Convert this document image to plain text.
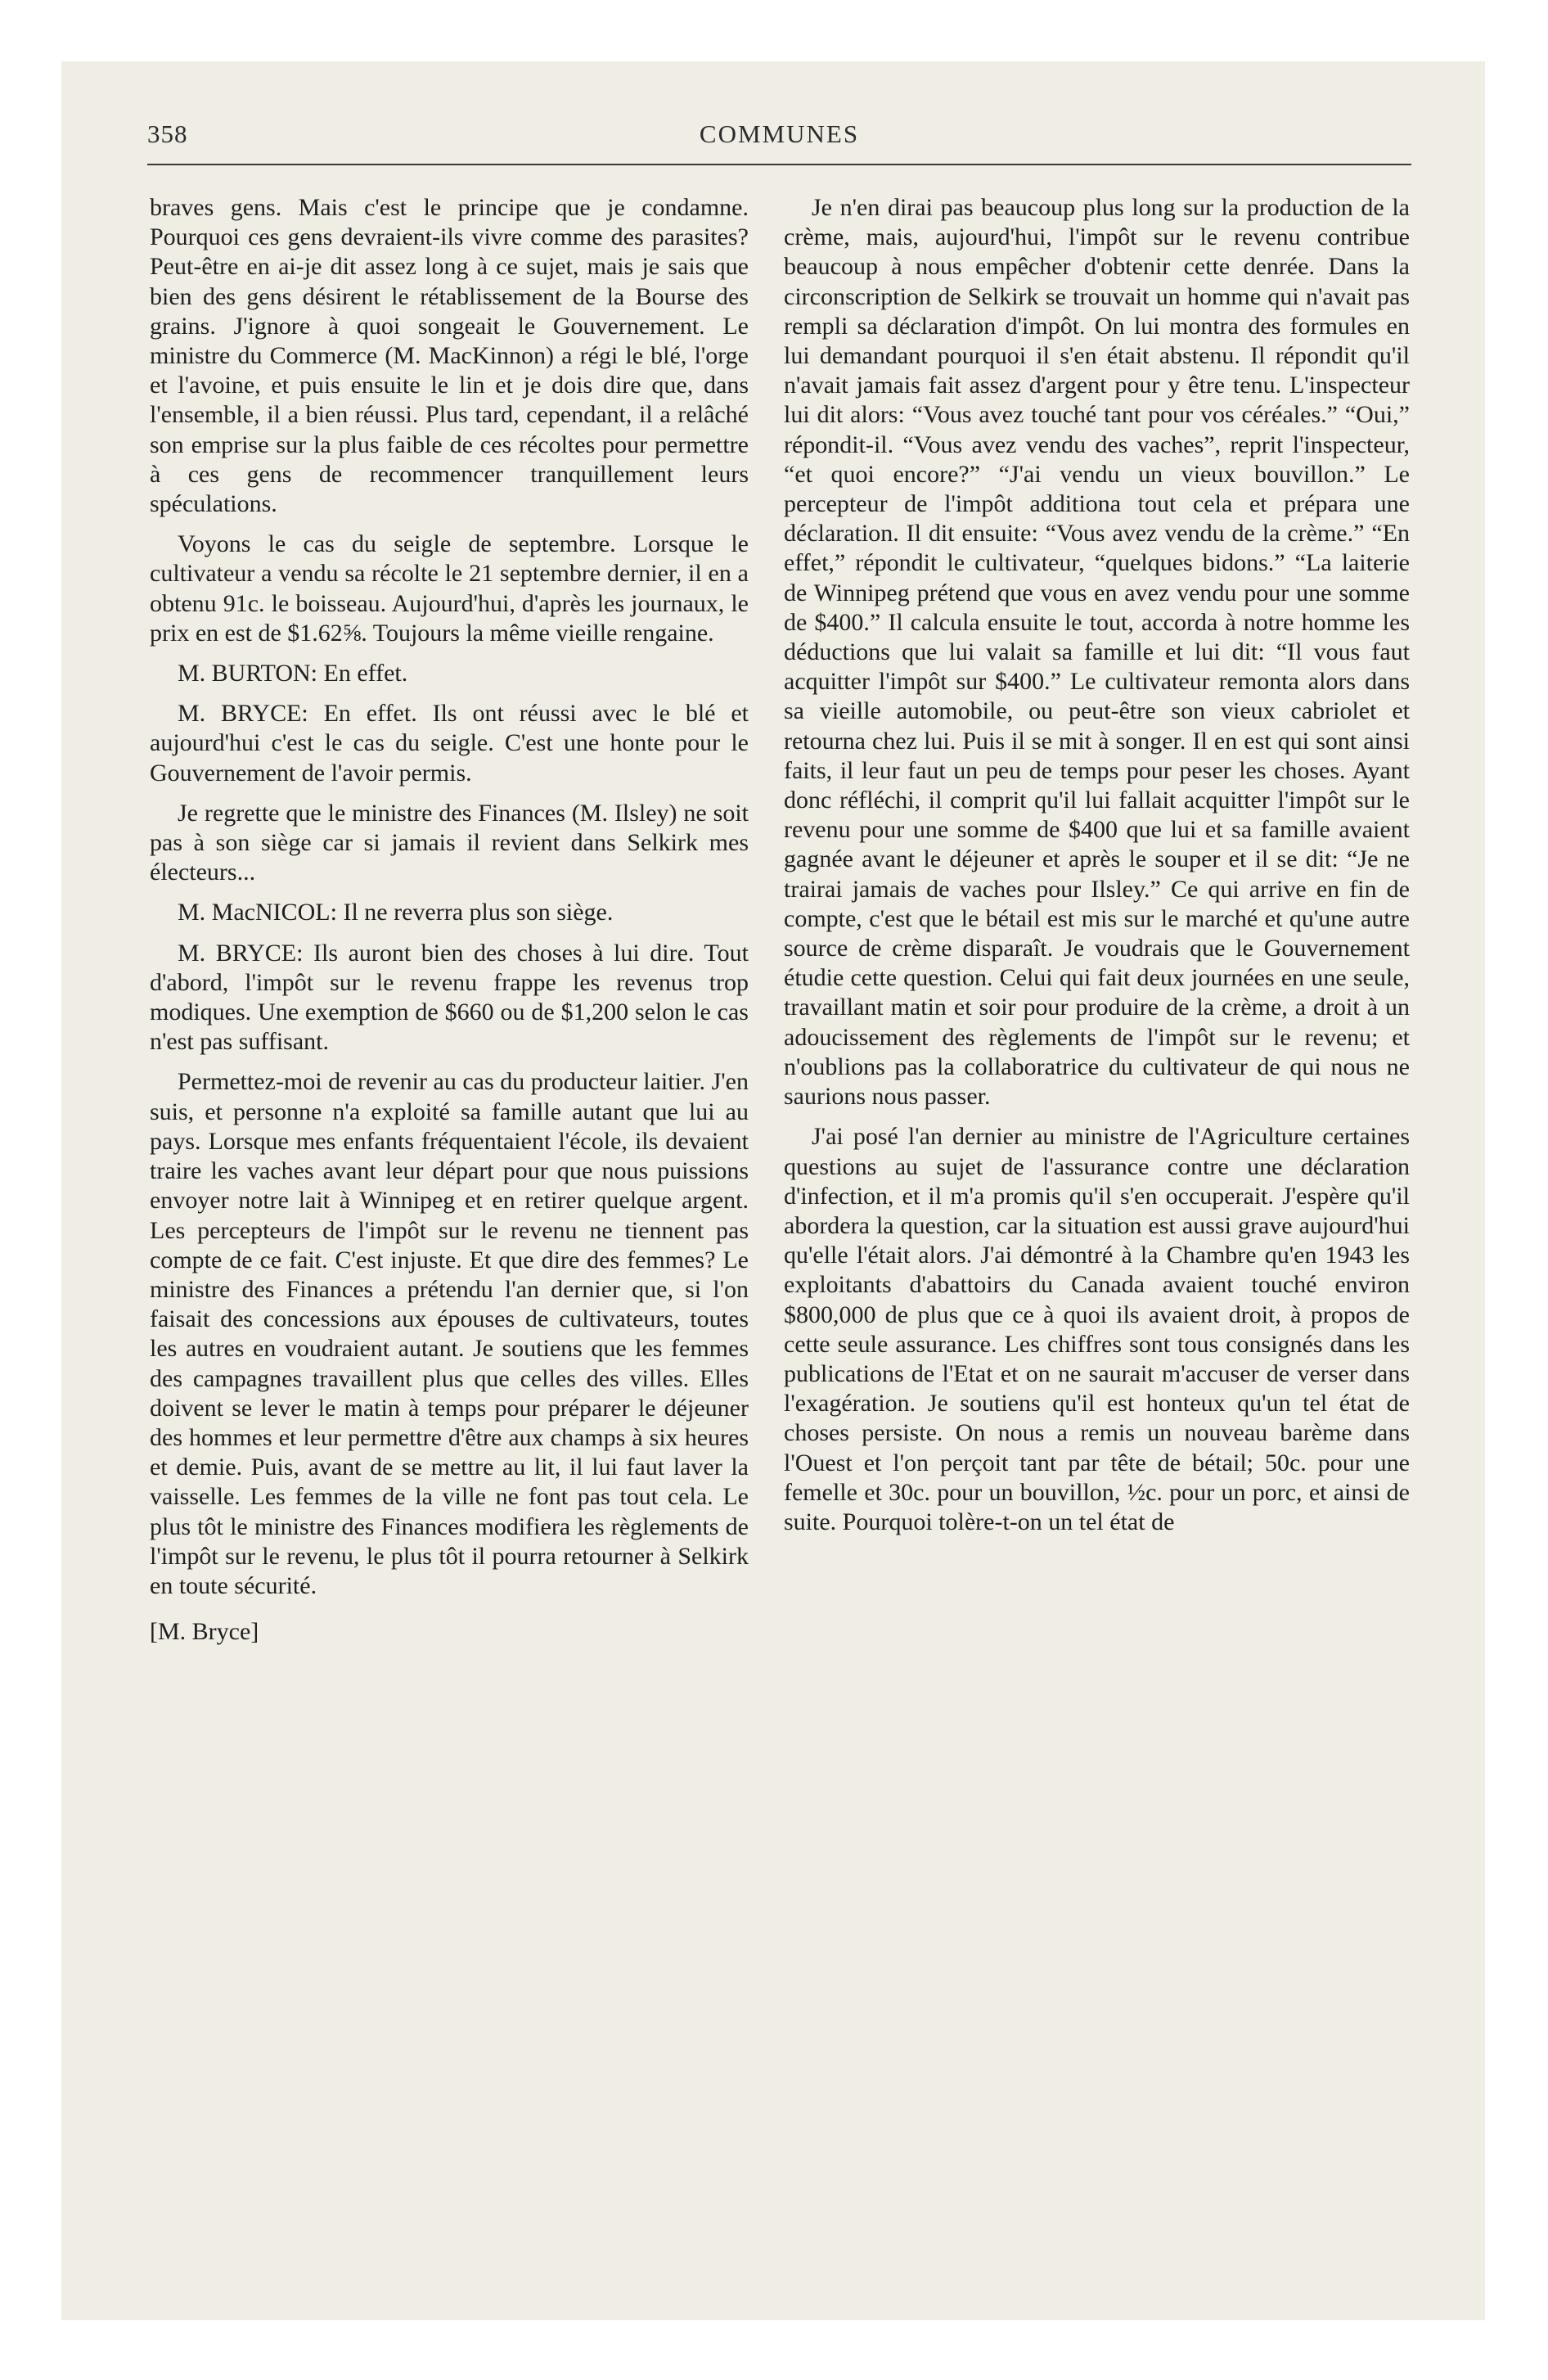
358	COMMUNES

braves gens. Mais c'est le principe que je condamne. Pourquoi ces gens devraient-ils vivre comme des parasites? Peut-être en ai-je dit assez long à ce sujet, mais je sais que bien des gens désirent le rétablissement de la Bourse des grains. J'ignore à quoi songeait le Gouvernement. Le ministre du Commerce (M. MacKinnon) a régi le blé, l'orge et l'avoine, et puis ensuite le lin et je dois dire que, dans l'ensemble, il a bien réussi. Plus tard, cependant, il a relâché son emprise sur la plus faible de ces récoltes pour permettre à ces gens de recommencer tranquillement leurs spéculations.

Voyons le cas du seigle de septembre. Lorsque le cultivateur a vendu sa récolte le 21 septembre dernier, il en a obtenu 91c. le boisseau. Aujourd'hui, d'après les journaux, le prix en est de $1.62⅝. Toujours la même vieille rengaine.

M. BURTON: En effet.

M. BRYCE: En effet. Ils ont réussi avec le blé et aujourd'hui c'est le cas du seigle. C'est une honte pour le Gouvernement de l'avoir permis.

Je regrette que le ministre des Finances (M. Ilsley) ne soit pas à son siège car si jamais il revient dans Selkirk mes électeurs...

M. MacNICOL: Il ne reverra plus son siège.

M. BRYCE: Ils auront bien des choses à lui dire. Tout d'abord, l'impôt sur le revenu frappe les revenus trop modiques. Une exemption de $660 ou de $1,200 selon le cas n'est pas suffisant.

Permettez-moi de revenir au cas du producteur laitier. J'en suis, et personne n'a exploité sa famille autant que lui au pays. Lorsque mes enfants fréquentaient l'école, ils devaient traire les vaches avant leur départ pour que nous puissions envoyer notre lait à Winnipeg et en retirer quelque argent. Les percepteurs de l'impôt sur le revenu ne tiennent pas compte de ce fait. C'est injuste. Et que dire des femmes? Le ministre des Finances a prétendu l'an dernier que, si l'on faisait des concessions aux épouses de cultivateurs, toutes les autres en voudraient autant. Je soutiens que les femmes des campagnes travaillent plus que celles des villes. Elles doivent se lever le matin à temps pour préparer le déjeuner des hommes et leur permettre d'être aux champs à six heures et demie. Puis, avant de se mettre au lit, il lui faut laver la vaisselle. Les femmes de la ville ne font pas tout cela. Le plus tôt le ministre des Finances modifiera les règlements de l'impôt sur le revenu, le plus tôt il pourra retourner à Selkirk en toute sécurité.

[M. Bryce]

Je n'en dirai pas beaucoup plus long sur la production de la crème, mais, aujourd'hui, l'impôt sur le revenu contribue beaucoup à nous empêcher d'obtenir cette denrée. Dans la circonscription de Selkirk se trouvait un homme qui n'avait pas rempli sa déclaration d'impôt. On lui montra des formules en lui demandant pourquoi il s'en était abstenu. Il répondit qu'il n'avait jamais fait assez d'argent pour y être tenu. L'inspecteur lui dit alors: “Vous avez touché tant pour vos céréales.” “Oui,” répondit-il. “Vous avez vendu des vaches”, reprit l'inspecteur, “et quoi encore?” “J'ai vendu un vieux bouvillon.” Le percepteur de l'impôt additiona tout cela et prépara une déclaration. Il dit ensuite: “Vous avez vendu de la crème.” “En effet,” répondit le cultivateur, “quelques bidons.” “La laiterie de Winnipeg prétend que vous en avez vendu pour une somme de $400.” Il calcula ensuite le tout, accorda à notre homme les déductions que lui valait sa famille et lui dit: “Il vous faut acquitter l'impôt sur $400.” Le cultivateur remonta alors dans sa vieille automobile, ou peut-être son vieux cabriolet et retourna chez lui. Puis il se mit à songer. Il en est qui sont ainsi faits, il leur faut un peu de temps pour peser les choses. Ayant donc réfléchi, il comprit qu'il lui fallait acquitter l'impôt sur le revenu pour une somme de $400 que lui et sa famille avaient gagnée avant le déjeuner et après le souper et il se dit: “Je ne trairai jamais de vaches pour Ilsley.” Ce qui arrive en fin de compte, c'est que le bétail est mis sur le marché et qu'une autre source de crème disparaît. Je voudrais que le Gouvernement étudie cette question. Celui qui fait deux journées en une seule, travaillant matin et soir pour produire de la crème, a droit à un adoucissement des règlements de l'impôt sur le revenu; et n'oublions pas la collaboratrice du cultivateur de qui nous ne saurions nous passer.

J'ai posé l'an dernier au ministre de l'Agriculture certaines questions au sujet de l'assurance contre une déclaration d'infection, et il m'a promis qu'il s'en occuperait. J'espère qu'il abordera la question, car la situation est aussi grave aujourd'hui qu'elle l'était alors. J'ai démontré à la Chambre qu'en 1943 les exploitants d'abattoirs du Canada avaient touché environ $800,000 de plus que ce à quoi ils avaient droit, à propos de cette seule assurance. Les chiffres sont tous consignés dans les publications de l'Etat et on ne saurait m'accuser de verser dans l'exagération. Je soutiens qu'il est honteux qu'un tel état de choses persiste. On nous a remis un nouveau barème dans l'Ouest et l'on perçoit tant par tête de bétail; 50c. pour une femelle et 30c. pour un bouvillon, ½c. pour un porc, et ainsi de suite. Pourquoi tolère-t-on un tel état de
